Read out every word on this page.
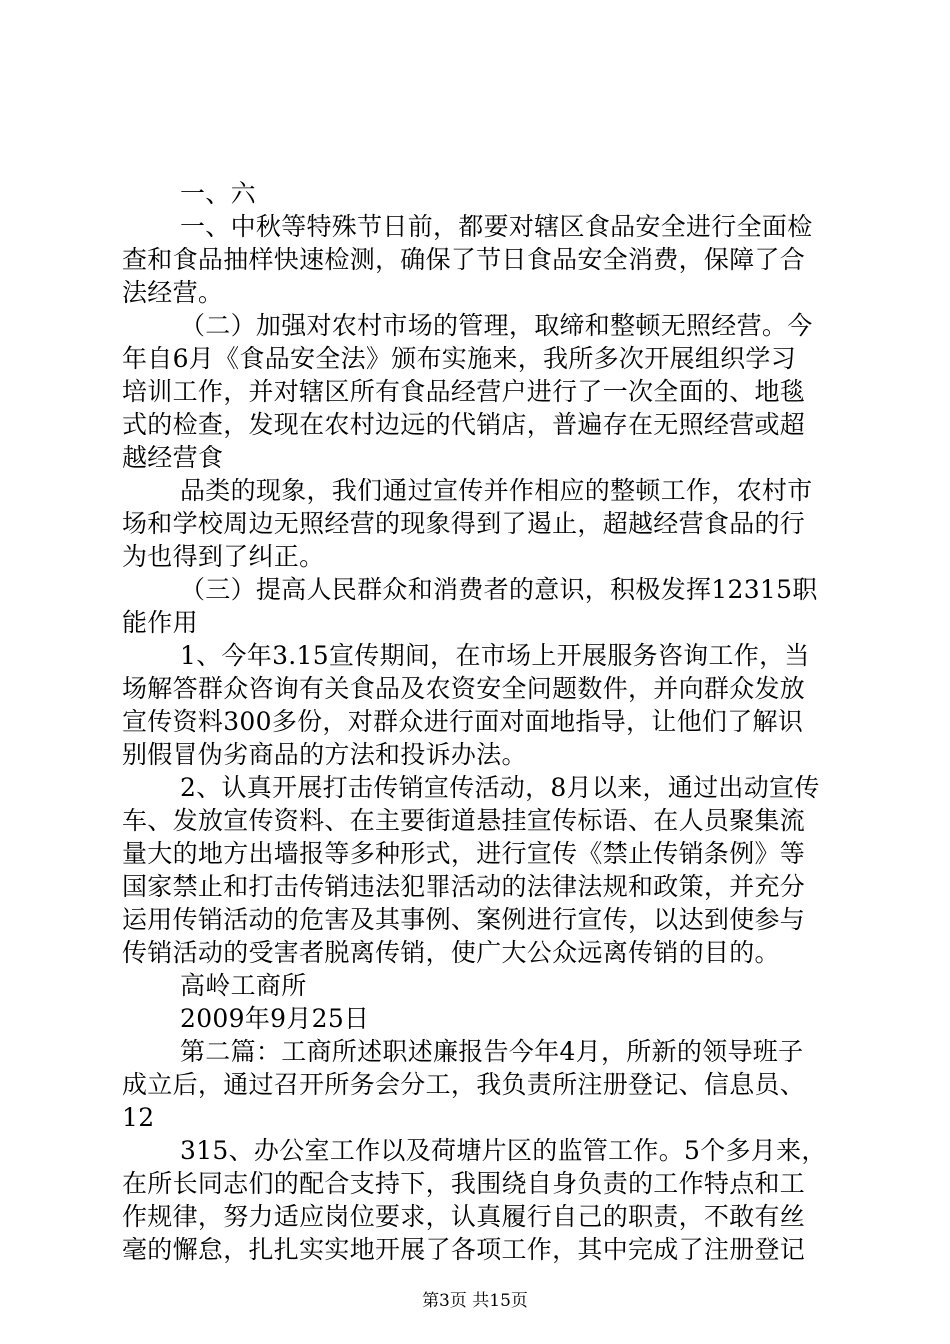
一、六
一、中秋等特殊节日前，都要对辖区食品安全进行全面检
查和食品抽样快速检测，确保了节日食品安全消费，保障了合
法经营。
（二）加强对农村市场的管理，取缔和整顿无照经营。今
年自6月《食品安全法》颁布实施来，我所多次开展组织学习
培训工作，并对辖区所有食品经营户进行了一次全面的、地毯
式的检查，发现在农村边远的代销店，普遍存在无照经营或超
越经营食
品类的现象，我们通过宣传并作相应的整顿工作，农村市
场和学校周边无照经营的现象得到了遏止，超越经营食品的行
为也得到了纠正。
（三）提高人民群众和消费者的意识，积极发挥12315职
能作用
1、今年3.15宣传期间，在市场上开展服务咨询工作，当
场解答群众咨询有关食品及农资安全问题数件，并向群众发放
宣传资料300多份，对群众进行面对面地指导，让他们了解识
别假冒伪劣商品的方法和投诉办法。
2、认真开展打击传销宣传活动，8月以来，通过出动宣传
车、发放宣传资料、在主要街道悬挂宣传标语、在人员聚集流
量大的地方出墙报等多种形式，进行宣传《禁止传销条例》等
国家禁止和打击传销违法犯罪活动的法律法规和政策，并充分
运用传销活动的危害及其事例、案例进行宣传，以达到使参与
传销活动的受害者脱离传销，使广大公众远离传销的目的。
高岭工商所
2009年9月25日
第二篇：工商所述职述廉报告今年4月，所新的领导班子
成立后，通过召开所务会分工，我负责所注册登记、信息员、
12
315、办公室工作以及荷塘片区的监管工作。5个多月来，
在所长同志们的配合支持下，我围绕自身负责的工作特点和工
作规律，努力适应岗位要求，认真履行自己的职责，不敢有丝
毫的懈怠，扎扎实实地开展了各项工作，其中完成了注册登记
第3页 共15页
